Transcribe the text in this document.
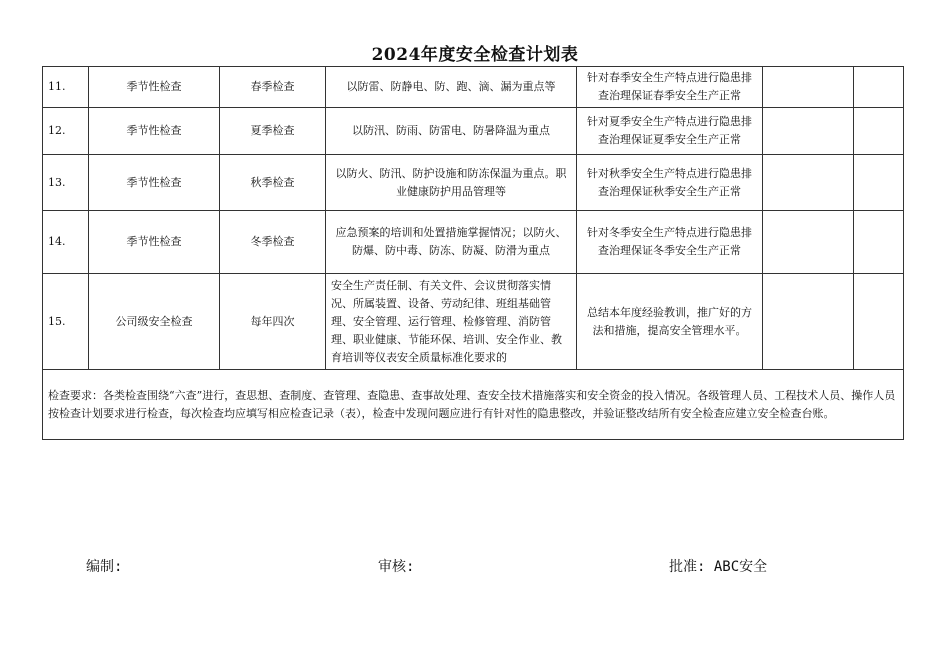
2024年度安全检查计划表
11.	季节性检查	春季检查	以防雷、防静电、防、跑、滴、漏为重点等	针对春季安全生产特点进行隐患排查治理保证春季安全生产正常		
12.	季节性检查	夏季检查	以防汛、防雨、防雷电、防暑降温为重点	针对夏季安全生产特点进行隐患排查治理保证夏季安全生产正常		
13.	季节性检查	秋季检查	以防火、防汛、防护设施和防冻保温为重点。职业健康防护用品管理等	针对秋季安全生产特点进行隐患排查治理保证秋季安全生产正常		
14.	季节性检查	冬季检查	应急预案的培训和处置措施掌握情况；以防火、防爆、防中毒、防冻、防凝、防滑为重点	针对冬季安全生产特点进行隐患排查治理保证冬季安全生产正常		
15.	公司级安全检查	每年四次	安全生产责任制、有关文件、会议贯彻落实情况、所属装置、设备、劳动纪律、班组基础管理、安全管理、运行管理、检修管理、消防管理、职业健康、节能环保、培训、安全作业、教育培训等仪表安全质量标准化要求的	总结本年度经验教训，推广好的方法和措施，提高安全管理水平。		
检查要求：各类检查围绕“六查”进行，查思想、查制度、查管理、查隐患、查事故处理、查安全技术措施落实和安全资金的投入情况。各级管理人员、工程技术人员、操作人员按检查计划要求进行检查，每次检查均应填写相应检查记录（表），检查中发现问题应进行有针对性的隐患整改，并验证整改结所有安全检查应建立安全检查台账。						
编制:	审核:	批准: ABC安全
